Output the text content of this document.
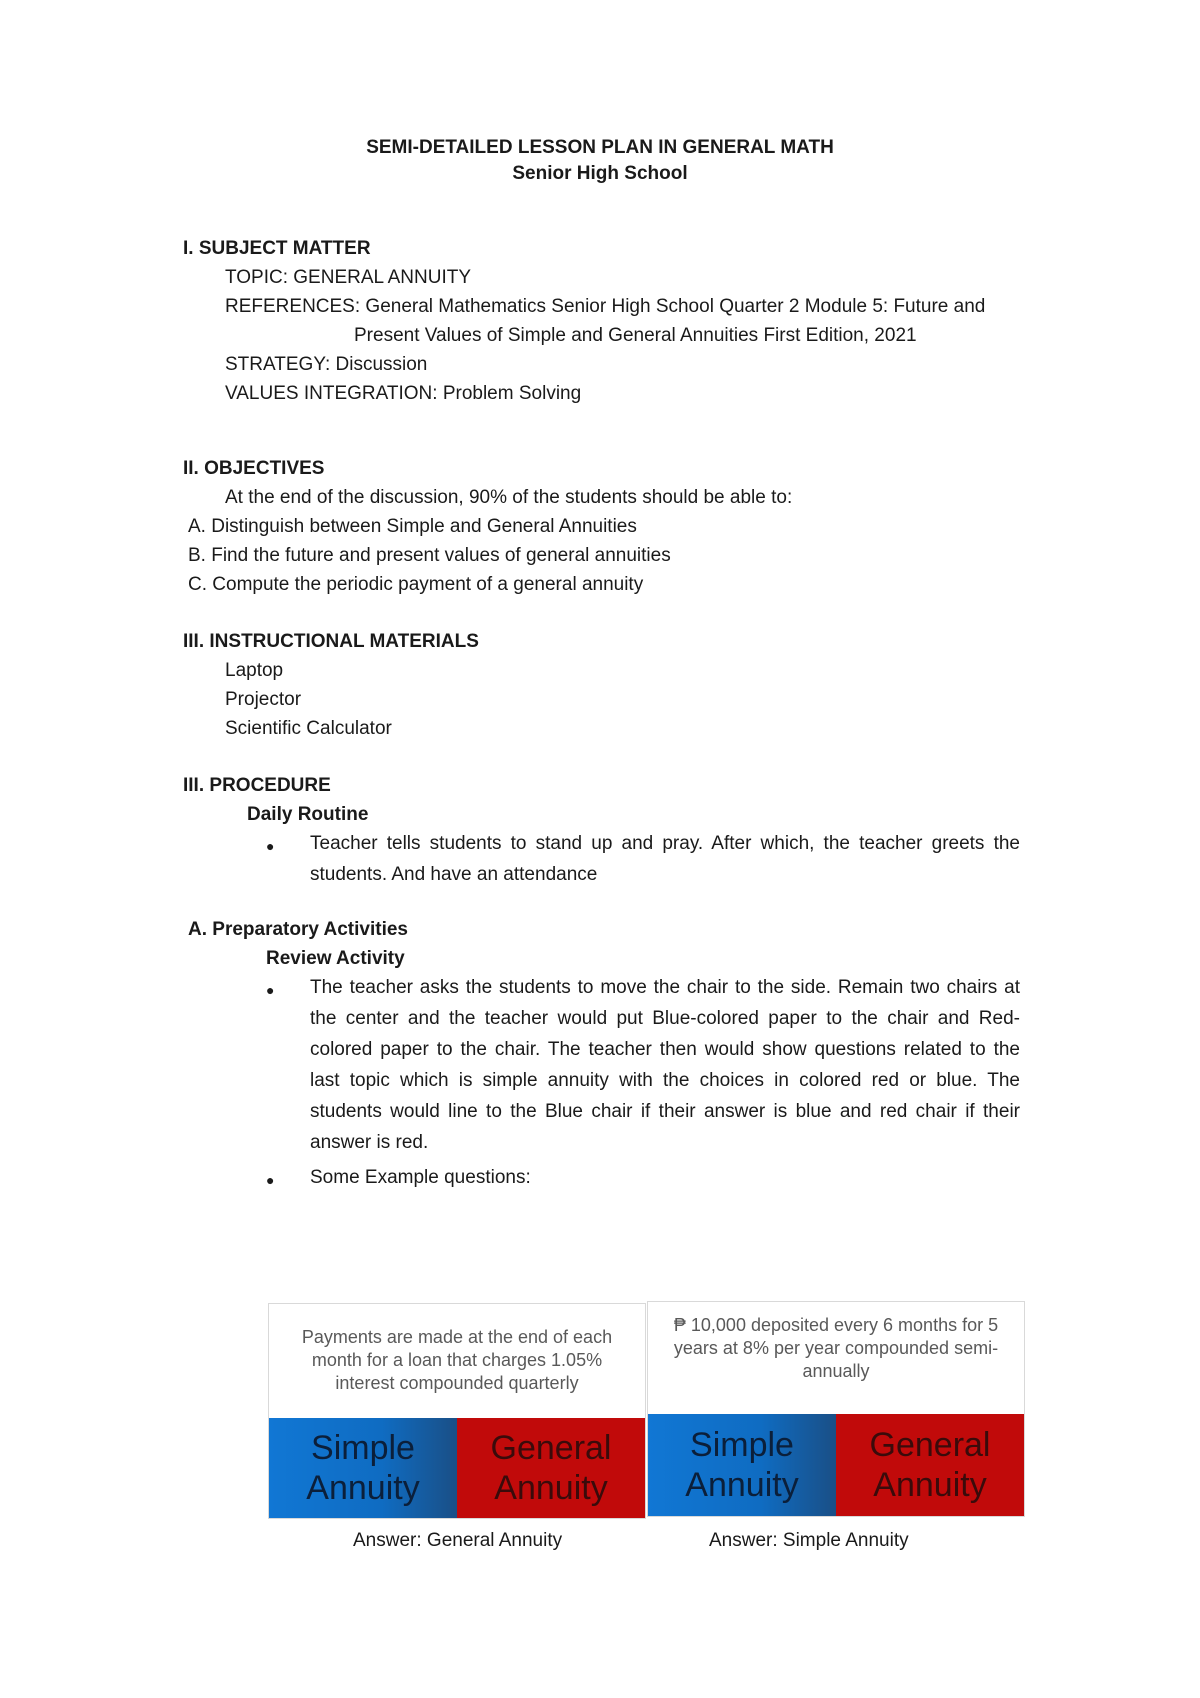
SEMI-DETAILED LESSON PLAN IN GENERAL MATH
Senior High School
I. SUBJECT MATTER
TOPIC: GENERAL ANNUITY
REFERENCES: General Mathematics Senior High School Quarter 2 Module 5: Future and
Present Values of Simple and General Annuities First Edition, 2021
STRATEGY: Discussion
VALUES INTEGRATION: Problem Solving
II. OBJECTIVES
At the end of the discussion, 90% of the students should be able to:
A. Distinguish between Simple and General Annuities
B. Find the future and present values of general annuities
C. Compute the periodic payment of a general annuity
III. INSTRUCTIONAL MATERIALS
Laptop
Projector
Scientific Calculator
III. PROCEDURE
Daily Routine
● Teacher tells students to stand up and pray. After which, the teacher greets the students. And have an attendance
A. Preparatory Activities
Review Activity
● The teacher asks the students to move the chair to the side. Remain two chairs at the center and the teacher would put Blue-colored paper to the chair and Red-colored paper to the chair. The teacher then would show questions related to the last topic which is simple annuity with the choices in colored red or blue. The students would line to the Blue chair if their answer is blue and red chair if their answer is red.
● Some Example questions:
Payments are made at the end of each month for a loan that charges 1.05% interest compounded quarterly
Simple Annuity
General Annuity
Answer: General Annuity
₱ 10,000 deposited every 6 months for 5 years at 8% per year compounded semi-annually
Simple Annuity
General Annuity
Answer: Simple Annuity
